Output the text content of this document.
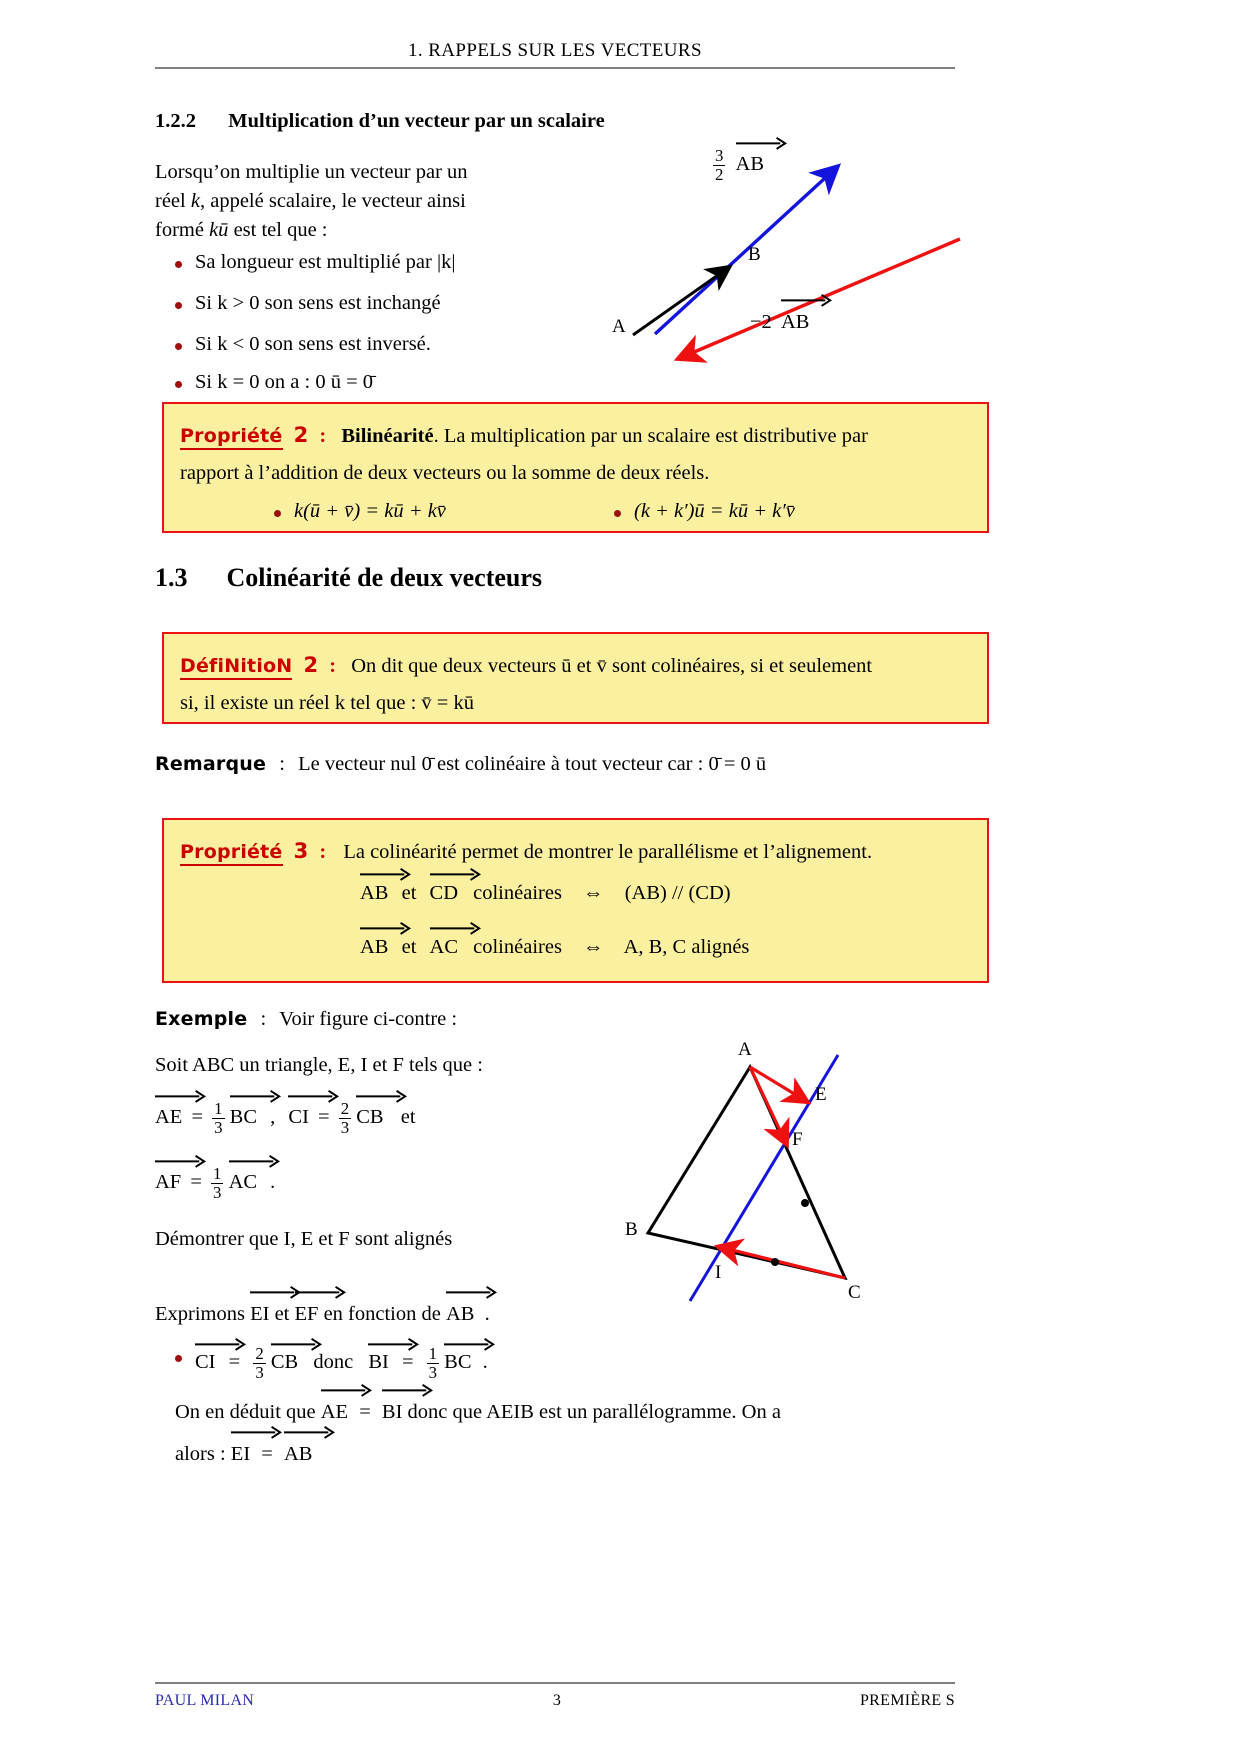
1. RAPPELS SUR LES VECTEURS
1.2.2 Multiplication d’un vecteur par un scalaire
Lorsqu’on multiplie un vecteur par un
réel k, appelé scalaire, le vecteur ainsi
formé kū est tel que :
Sa longueur est multiplié par |k|
Si k > 0 son sens est inchangé
Si k < 0 son sens est inversé.
Si k = 0 on a : 0 ū = 0̄
$\frac{3}{2}$
AB
A
B
−2 AB
Propriété 2 : Bilinéarité. La multiplication par un scalaire est distributive par
rapport à l’addition de deux vecteurs ou la somme de deux réels.
k(ū + v̄) = kū + kv̄	(k + k′)ū = kū + k′v̄
1.3 Colinéarité de deux vecteurs
DéfiNitioN 2 : On dit que deux vecteurs ū et v̄ sont colinéaires, si et seulement
si, il existe un réel k tel que : v̄ = kū
Remarque : Le vecteur nul 0̄ est colinéaire à tout vecteur car : 0̄ = 0 ū
Propriété 3 : La colinéarité permet de montrer le parallélisme et l’alignement.
AB et CD colinéaires ⇔ (AB) // (CD)
AB et AC colinéaires ⇔ A, B, C alignés
Exemple : Voir figure ci-contre :
Soit ABC un triangle, E, I et F tels que :
AE = $\frac{1}{3}$
BC , CI = $\frac{2}{3}$
CB et
AF = $\frac{1}{3}$
AC .
Démontrer que I, E et F sont alignés
A
E
F
B
I
C
Exprimons
EI et
EF en fonction de
AB .
CI = $\frac{2}{3}$
CB donc BI = $\frac{1}{3}$
BC .
On en déduit que
AE =
BI donc que AEIB est un parallélogramme. On a
alors :
EI =
AB
PAUL MILAN	3	PREMIÈRE S
